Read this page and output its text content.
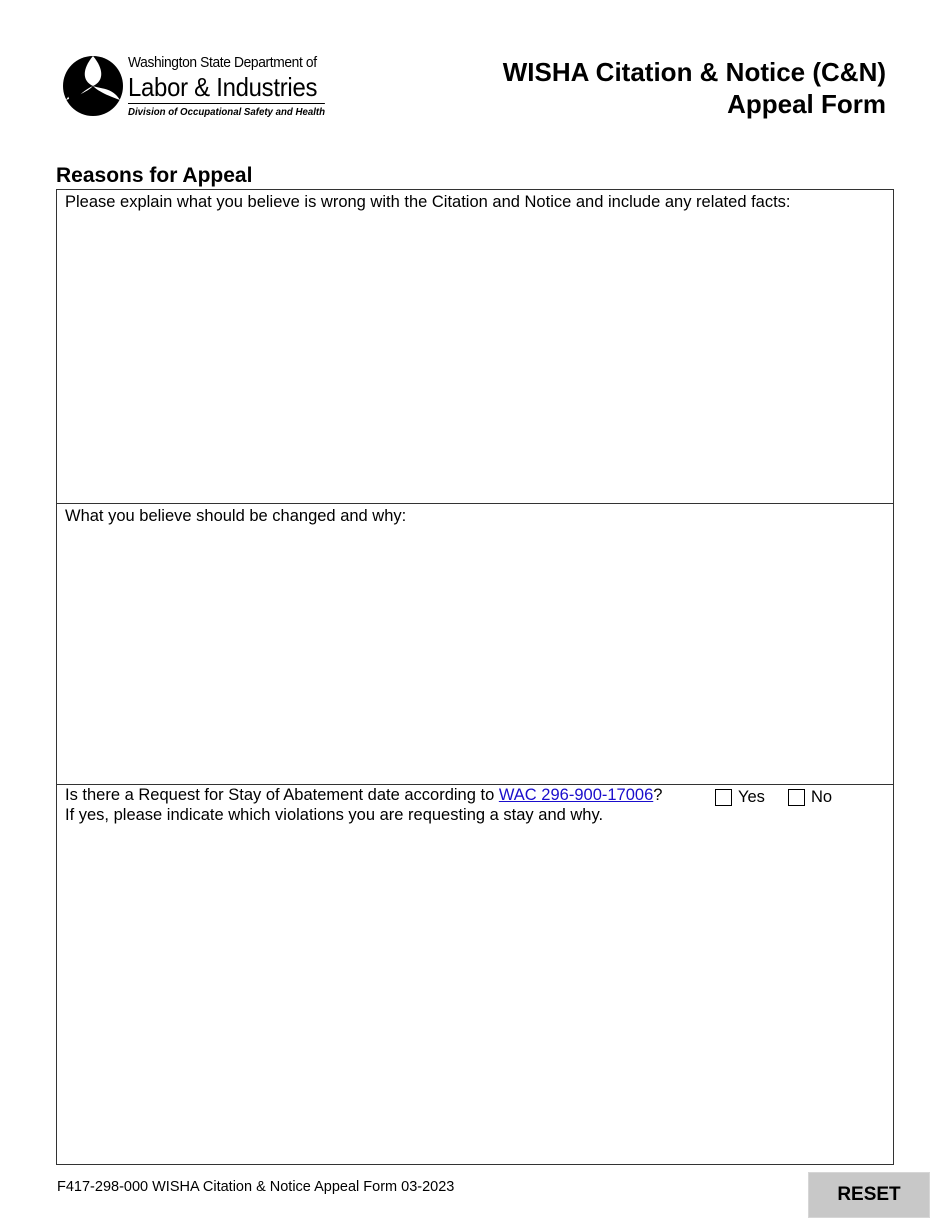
Washington State Department of
Labor & Industries
Division of Occupational Safety and Health
WISHA Citation & Notice (C&N)
Appeal Form
Reasons for Appeal
Please explain what you believe is wrong with the Citation and Notice and include any related facts:
What you believe should be changed and why:
Is there a Request for Stay of Abatement date according to WAC 296-900-17006?	Yes	No
If yes, please indicate which violations you are requesting a stay and why.
F417-298-000 WISHA Citation & Notice Appeal Form 03-2023	RESET
